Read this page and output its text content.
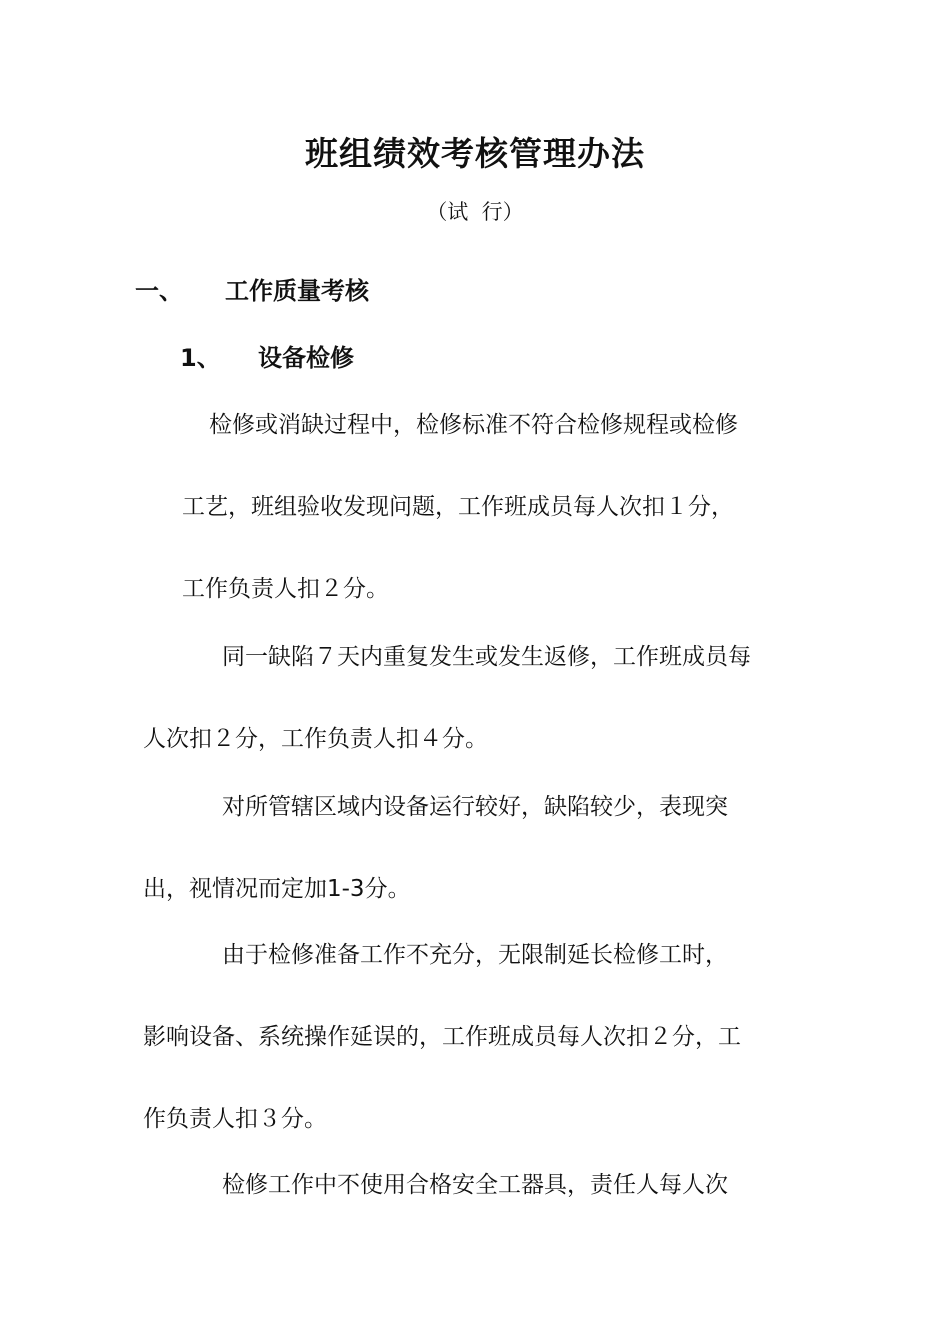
班组绩效考核管理办法
（试  行）
一、 工作质量考核
1、 设备检修
检修或消缺过程中，检修标准不符合检修规程或检修
工艺，班组验收发现问题，工作班成员每人次扣１分，
工作负责人扣２分。
同一缺陷７天内重复发生或发生返修，工作班成员每
人次扣２分，工作负责人扣４分。
对所管辖区域内设备运行较好，缺陷较少，表现突
出，视情况而定加1-3分。
由于检修准备工作不充分，无限制延长检修工时，
影响设备、系统操作延误的，工作班成员每人次扣２分，工
作负责人扣３分。
检修工作中不使用合格安全工器具，责任人每人次
